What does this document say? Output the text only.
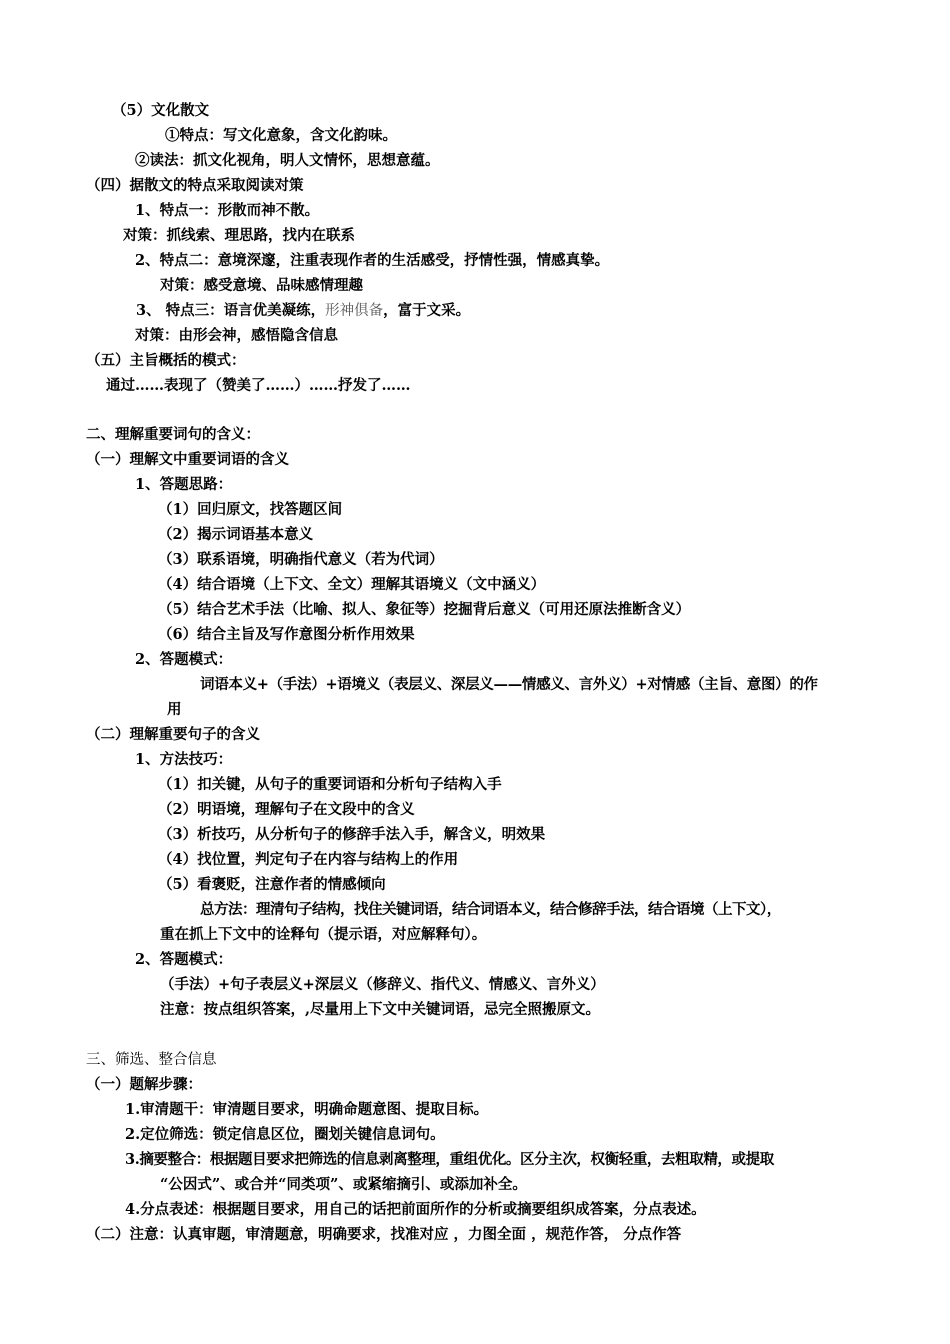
（5）文化散文
①特点：写文化意象，含文化韵味。
②读法：抓文化视角，明人文情怀，思想意蕴。
（四）据散文的特点采取阅读对策
1、特点一：形散而神不散。
对策：抓线索、理思路，找内在联系
2、特点二：意境深邃，注重表现作者的生活感受，抒情性强，情感真挚。
对策：感受意境、品味感情理趣
3、 特点三：语言优美凝练，形神俱备，富于文采。
对策：由形会神，感悟隐含信息
（五）主旨概括的模式：
通过……表现了（赞美了……）……抒发了……
二、理解重要词句的含义：
（一）理解文中重要词语的含义
1、答题思路：
（1）回归原文，找答题区间
（2）揭示词语基本意义
（3）联系语境，明确指代意义（若为代词）
（4）结合语境（上下文、全文）理解其语境义（文中涵义）
（5）结合艺术手法（比喻、拟人、象征等）挖掘背后意义（可用还原法推断含义）
（6）结合主旨及写作意图分析作用效果
2、答题模式：
词语本义+（手法）+语境义（表层义、深层义——情感义、言外义）+对情感（主旨、意图）的作
用
（二）理解重要句子的含义
1、方法技巧：
（1）扣关键，从句子的重要词语和分析句子结构入手
（2）明语境，理解句子在文段中的含义
（3）析技巧，从分析句子的修辞手法入手，解含义，明效果
（4）找位置，判定句子在内容与结构上的作用
（5）看褒贬，注意作者的情感倾向
总方法：理清句子结构，找住关键词语，结合词语本义，结合修辞手法，结合语境（上下文），
重在抓上下文中的诠释句（提示语，对应解释句）。
2、答题模式：
（手法）+句子表层义+深层义（修辞义、指代义、情感义、言外义）
注意：按点组织答案，,尽量用上下文中关键词语，忌完全照搬原文。
三、筛选、整合信息
（一）题解步骤：
1.审清题干：审清题目要求，明确命题意图、提取目标。
2.定位筛选：锁定信息区位，圈划关键信息词句。
3.摘要整合：根据题目要求把筛选的信息剥离整理，重组优化。区分主次，权衡轻重，去粗取精，或提取
“公因式”、或合并“同类项”、或紧缩摘引、或添加补全。
4.分点表述：根据题目要求，用自己的话把前面所作的分析或摘要组织成答案，分点表述。
（二）注意：认真审题，审清题意，明确要求，找准对应 ，力图全面 ，规范作答， 分点作答
